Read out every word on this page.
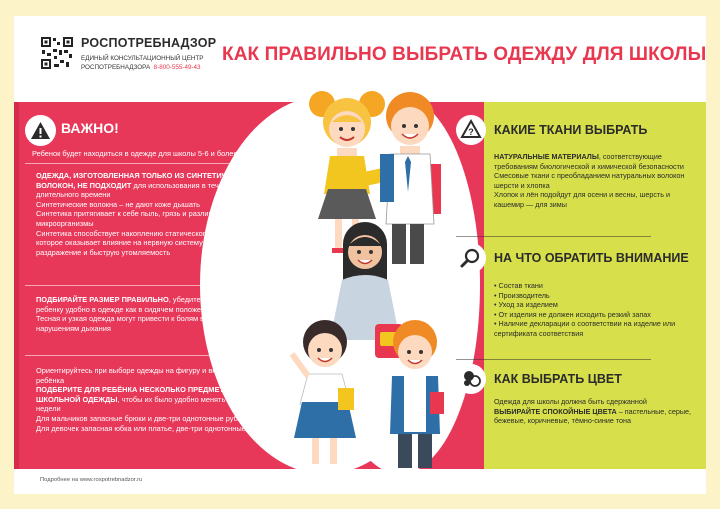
РОСПОТРЕБНАДЗОР
ЕДИНЫЙ КОНСУЛЬТАЦИОННЫЙ ЦЕНТР
РОСПОТРЕБНАДЗОРА 8-800-555-49-43
КАК ПРАВИЛЬНО ВЫБРАТЬ ОДЕЖДУ ДЛЯ ШКОЛЫ
ВАЖНО!
Ребенок будет находиться в одежде для школы 5-6 и более часов
ОДЕЖДА, ИЗГОТОВЛЕННАЯ ТОЛЬКО ИЗ СИНТЕТИЧЕСКИХ ВОЛОКОН, НЕ ПОДХОДИТ для использования в течение длительного времени
Синтетические волокна – не дают коже дышать
Синтетика притягивает к себе пыль, грязь и различные микроорганизмы
Синтетика способствует накоплению статического электричества, которое оказывает влияние на нервную систему ребёнка, вызывая раздражение и быструю утомляемость
ПОДБИРАЙТЕ РАЗМЕР ПРАВИЛЬНО, убедитесь, что вашему ребенку удобно в одежде как в сидячем положении, так и при ходьбе
Тесная и узкая одежда могут привести к болям в животе и даже к нарушениям дыхания
Ориентируйтесь при выборе одежды на фигуру и вкус самого ребёнка
ПОДБЕРИТЕ ДЛЯ РЕБЁНКА НЕСКОЛЬКО ПРЕДМЕТОВ ШКОЛЬНОЙ ОДЕЖДЫ, чтобы их было удобно менять в течение недели
Для мальчиков запасные брюки и две-три однотонные рубашки
Для девочек запасная юбка или платье, две-три однотонные блузки
? КАКИЕ ТКАНИ ВЫБРАТЬ
НАТУРАЛЬНЫЕ МАТЕРИАЛЫ, соответствующие требованиям биологической и химической безопасности
Смесовые ткани с преобладанием натуральных волокон шерсти и хлопка
Хлопок и лён подойдут для осени и весны, шерсть и кашемир — для зимы
НА ЧТО ОБРАТИТЬ ВНИМАНИЕ
• Состав ткани
• Производитель
• Уход за изделием
• От изделия не должен исходить резкий запах
• Наличие декларации о соответствии на изделие или сертификата соответствия
КАК ВЫБРАТЬ ЦВЕТ
Одежда для школы должна быть сдержанной
ВЫБИРАЙТЕ СПОКОЙНЫЕ ЦВЕТА – пастельные, серые, бежевые, коричневые, тёмно-синие тона
Подробнее на www.rospotrebnadzor.ru
